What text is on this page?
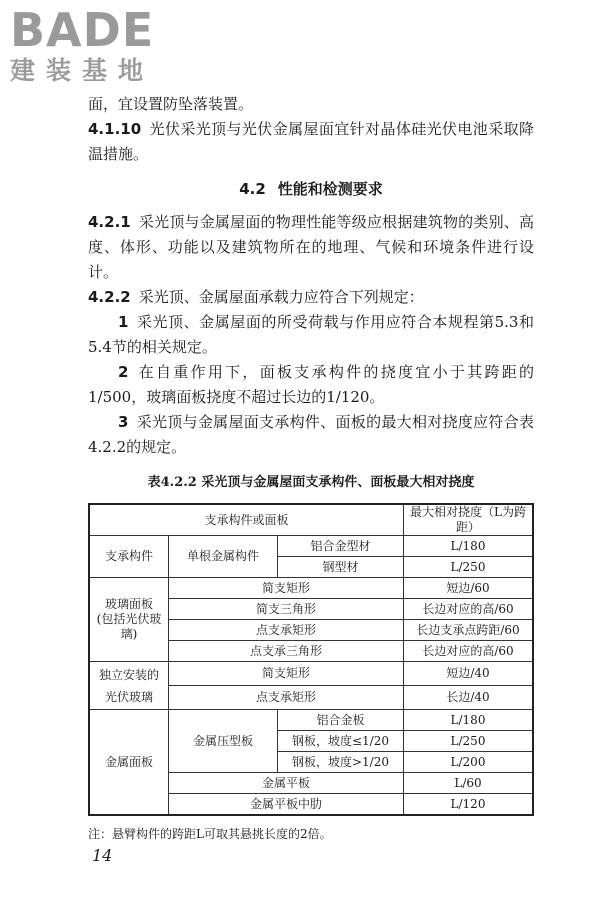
BADE
建装基地

面，宜设置防坠落装置。

4.1.10 光伏采光顶与光伏金属屋面宜针对晶体硅光伏电池采取降温措施。

4.2 性能和检测要求

4.2.1 采光顶与金属屋面的物理性能等级应根据建筑物的类别、高度、体形、功能以及建筑物所在的地理、气候和环境条件进行设计。

4.2.2 采光顶、金属屋面承载力应符合下列规定：

1 采光顶、金属屋面的所受荷载与作用应符合本规程第5.3和5.4节的相关规定。

2 在自重作用下，面板支承构件的挠度宜小于其跨距的1/500，玻璃面板挠度不超过长边的1/120。

3 采光顶与金属屋面支承构件、面板的最大相对挠度应符合表4.2.2的规定。

表4.2.2 采光顶与金属屋面支承构件、面板最大相对挠度
支承构件或面板			最大相对挠度（L为跨距）
支承构件	单根金属构件	铝合金型材	L/180
		钢型材	L/250
玻璃面板
(包括光伏玻璃)	简支矩形		短边/60
	简支三角形		长边对应的高/60
	点支承矩形		长边支承点跨距/60
	点支承三角形		长边对应的高/60
独立安装的
光伏玻璃	简支矩形		短边/40
	点支承矩形		长边/40
金属面板	金属压型板	铝合金板	L/180
		钢板，坡度≤1/20	L/250
		钢板，坡度>1/20	L/200
	金属平板		L/60
	金属平板中肋		L/120
注：悬臂构件的跨距L可取其悬挑长度的2倍。
14
